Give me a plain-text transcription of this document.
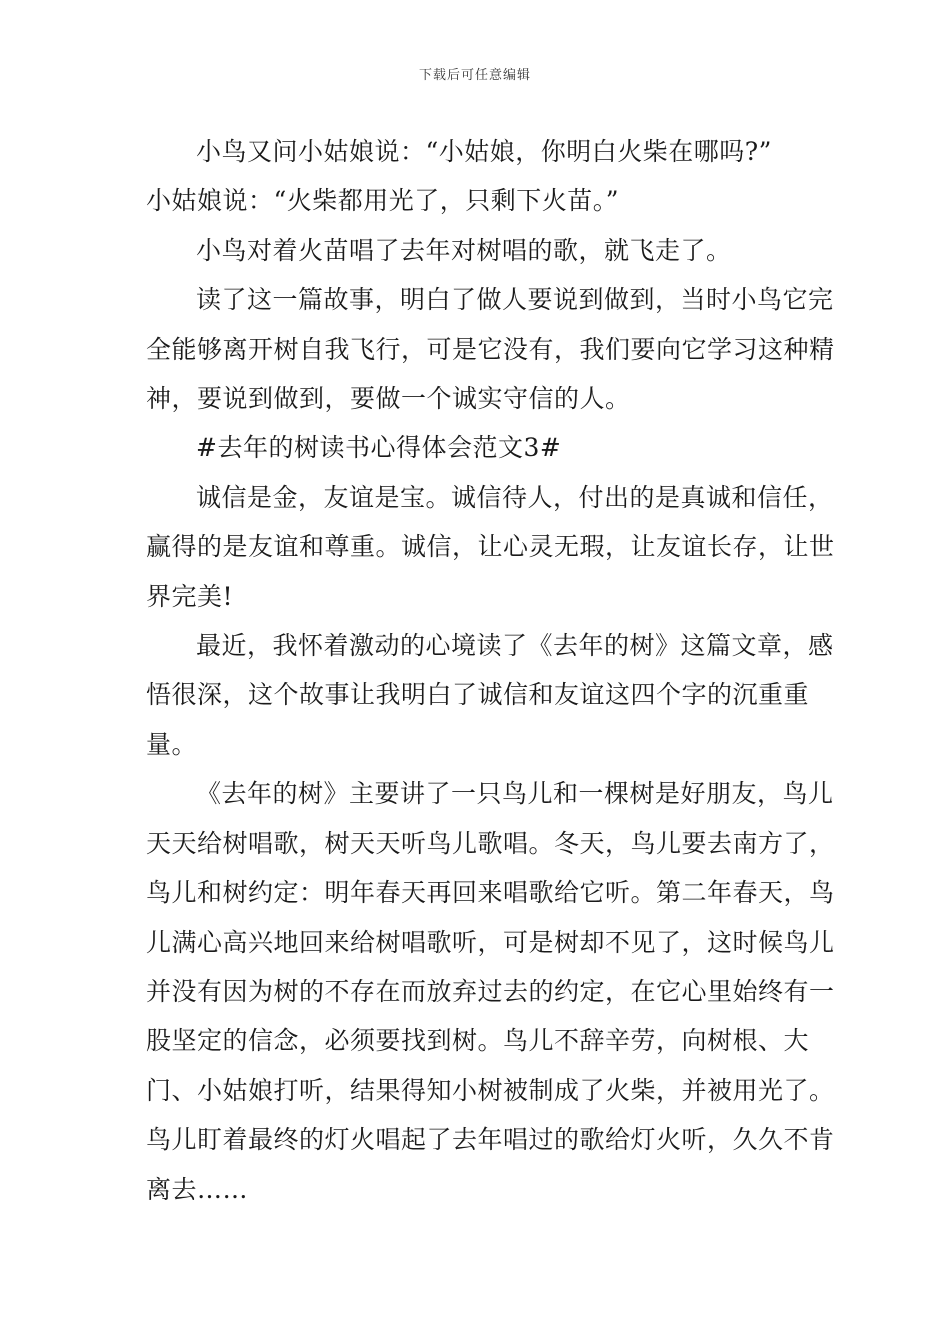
下载后可任意编辑

小鸟又问小姑娘说：“小姑娘，你明白火柴在哪吗?”

小姑娘说：“火柴都用光了，只剩下火苗。”

小鸟对着火苗唱了去年对树唱的歌，就飞走了。

读了这一篇故事，明白了做人要说到做到，当时小鸟它完全能够离开树自我飞行，可是它没有，我们要向它学习这种精神，要说到做到，要做一个诚实守信的人。

#去年的树读书心得体会范文3#

诚信是金，友谊是宝。诚信待人，付出的是真诚和信任，赢得的是友谊和尊重。诚信，让心灵无瑕，让友谊长存，让世界完美!

最近，我怀着激动的心境读了《去年的树》这篇文章，感悟很深，这个故事让我明白了诚信和友谊这四个字的沉重重量。

《去年的树》主要讲了一只鸟儿和一棵树是好朋友，鸟儿天天给树唱歌，树天天听鸟儿歌唱。冬天，鸟儿要去南方了，鸟儿和树约定：明年春天再回来唱歌给它听。第二年春天，鸟儿满心高兴地回来给树唱歌听，可是树却不见了，这时候鸟儿并没有因为树的不存在而放弃过去的约定，在它心里始终有一股坚定的信念，必须要找到树。鸟儿不辞辛劳，向树根、大门、小姑娘打听，结果得知小树被制成了火柴，并被用光了。鸟儿盯着最终的灯火唱起了去年唱过的歌给灯火听，久久不肯离去……
